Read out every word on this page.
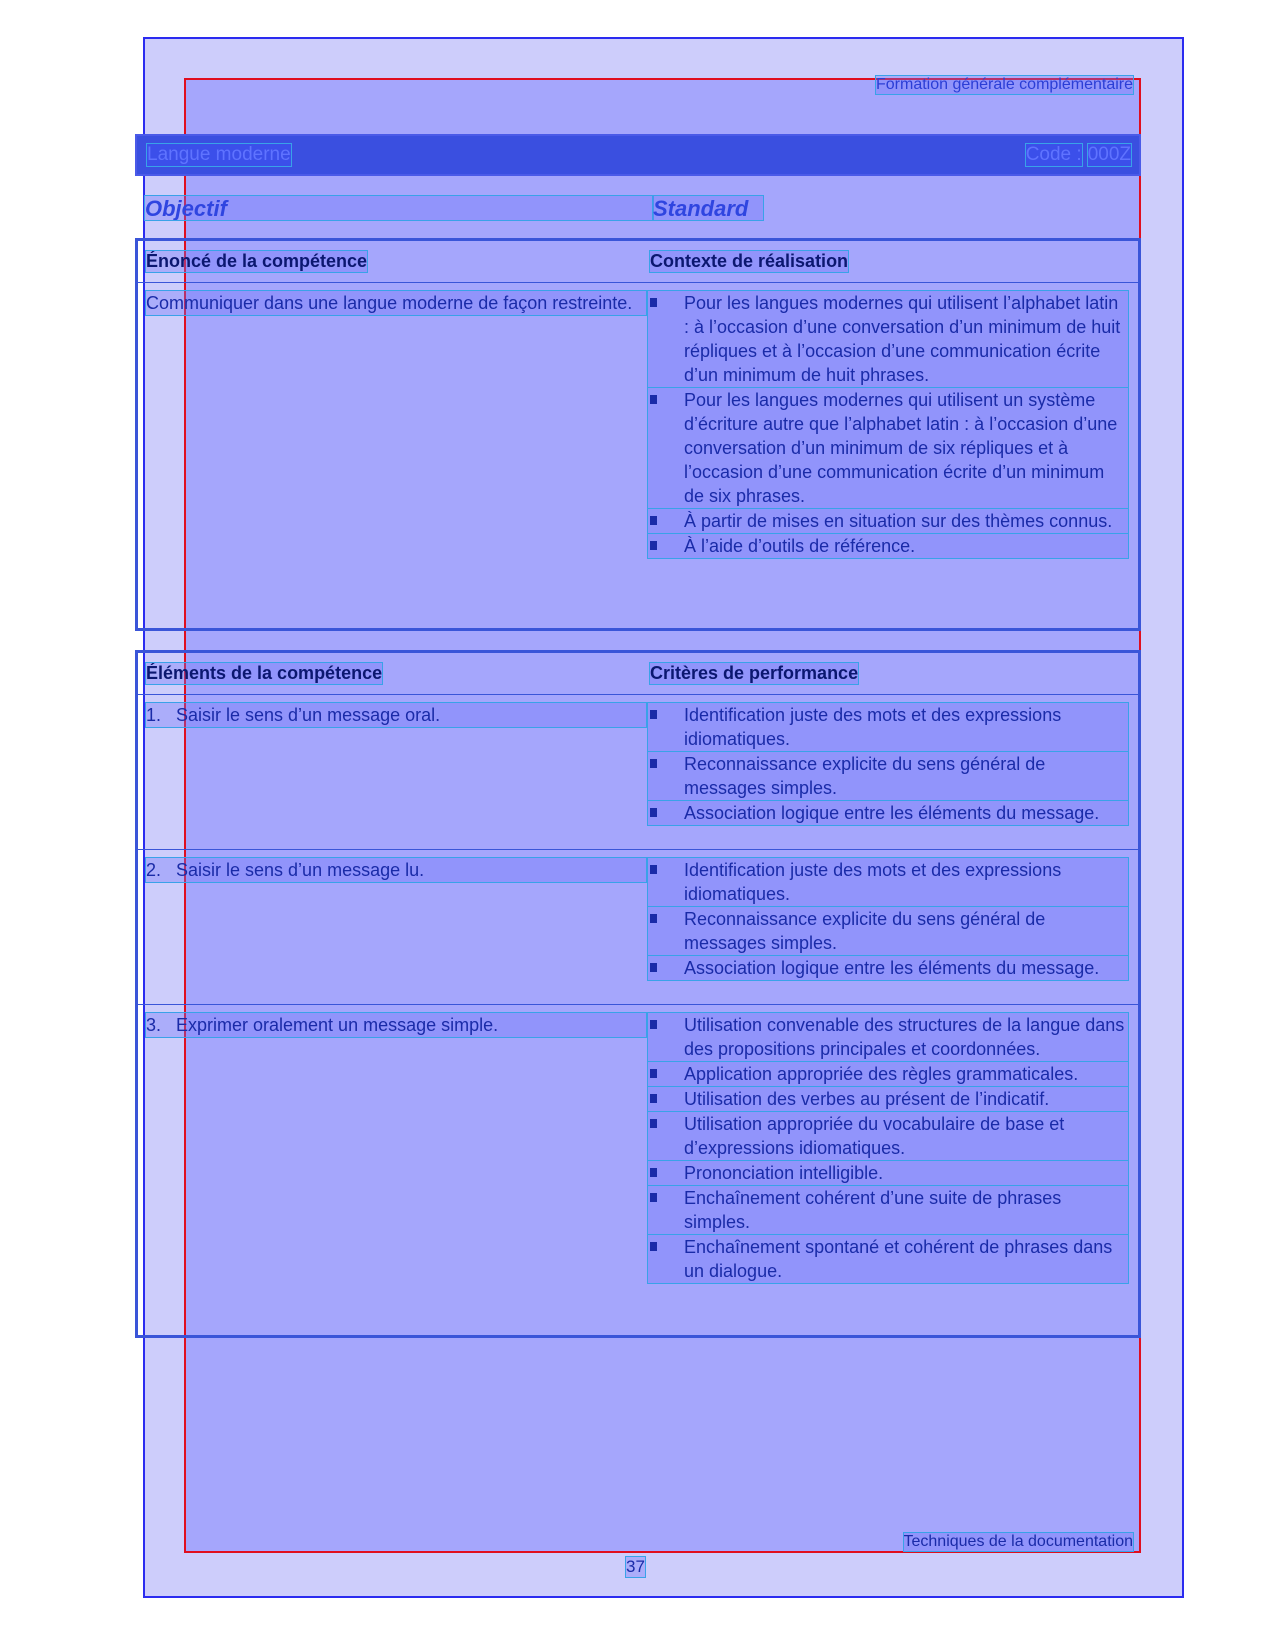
Formation générale complémentaire
Langue moderne	Code : 000Z
Objectif	Standard
Énoncé de la compétence	Contexte de réalisation
Communiquer dans une langue moderne de façon restreinte.	Pour les langues modernes qui utilisent l’alphabet latin : à l’occasion d’une conversation d’un minimum de huit répliques et à l’occasion d’une communication écrite d’un minimum de huit phrases.
Pour les langues modernes qui utilisent un système d’écriture autre que l’alphabet latin : à l’occasion d’une conversation d’un minimum de six répliques et à l’occasion d’une communication écrite d’un minimum de six phrases.
À partir de mises en situation sur des thèmes connus.
À l’aide d’outils de référence.
Éléments de la compétence	Critères de performance
1. Saisir le sens d’un message oral.	Identification juste des mots et des expressions idiomatiques.
Reconnaissance explicite du sens général de messages simples.
Association logique entre les éléments du message.
2. Saisir le sens d’un message lu.	Identification juste des mots et des expressions idiomatiques.
Reconnaissance explicite du sens général de messages simples.
Association logique entre les éléments du message.
3. Exprimer oralement un message simple.	Utilisation convenable des structures de la langue dans des propositions principales et coordonnées.
Application appropriée des règles grammaticales.
Utilisation des verbes au présent de l’indicatif.
Utilisation appropriée du vocabulaire de base et d’expressions idiomatiques.
Prononciation intelligible.
Enchaînement cohérent d’une suite de phrases simples.
Enchaînement spontané et cohérent de phrases dans un dialogue.
Techniques de la documentation
37
